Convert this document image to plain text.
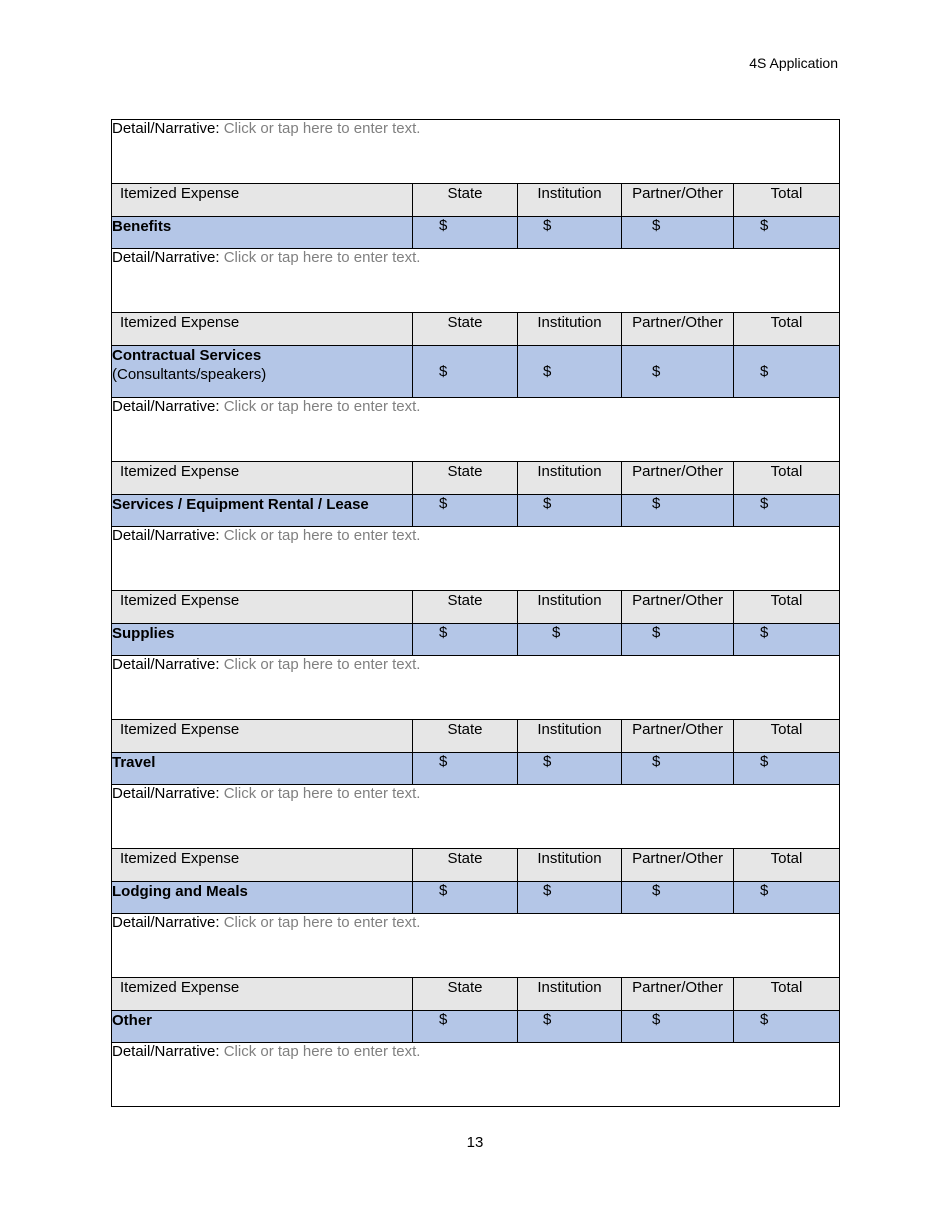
4S Application
Detail/Narrative: Click or tap here to enter text.				
Itemized Expense	State	Institution	Partner/Other	Total
Benefits	$	$	$	$
Detail/Narrative: Click or tap here to enter text.				
Itemized Expense	State	Institution	Partner/Other	Total
Contractual Services
(Consultants/speakers)	$	$	$	$
Detail/Narrative: Click or tap here to enter text.				
Itemized Expense	State	Institution	Partner/Other	Total
Services / Equipment Rental / Lease	$	$	$	$
Detail/Narrative: Click or tap here to enter text.				
Itemized Expense	State	Institution	Partner/Other	Total
Supplies	$	$	$	$
Detail/Narrative: Click or tap here to enter text.				
Itemized Expense	State	Institution	Partner/Other	Total
Travel	$	$	$	$
Detail/Narrative: Click or tap here to enter text.				
Itemized Expense	State	Institution	Partner/Other	Total
Lodging and Meals	$	$	$	$
Detail/Narrative: Click or tap here to enter text.				
Itemized Expense	State	Institution	Partner/Other	Total
Other	$	$	$	$
Detail/Narrative: Click or tap here to enter text.				
13
